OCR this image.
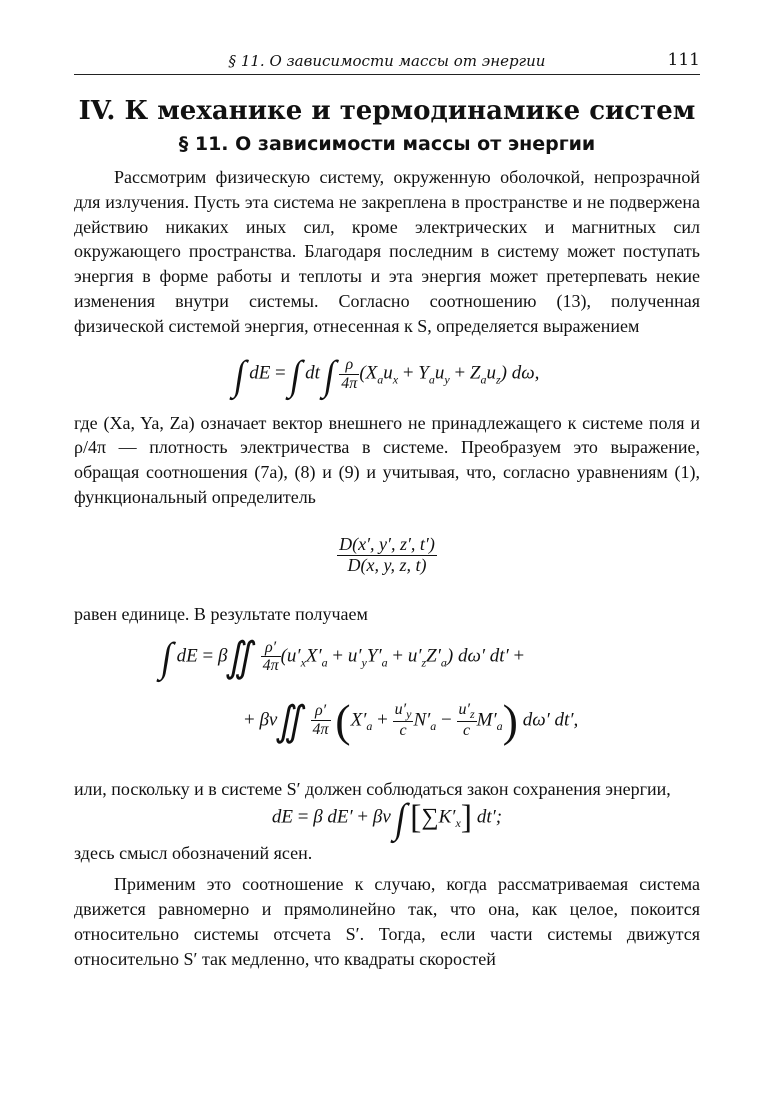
§ 11. О зависимости массы от энергии	111
IV. К механике и термодинамике систем
§ 11. О зависимости массы от энергии

Рассмотрим физическую систему, окруженную оболочкой, непрозрачной для излучения. Пусть эта система не закреплена в пространстве и не подвержена действию никаких иных сил, кроме электрических и магнитных сил окружающего пространства. Благодаря последним в систему может поступать энергия в форме работы и теплоты и эта энергия может претерпевать некие изменения внутри системы. Согласно соотношению (13), полученная физической системой энергия, отнесенная к S, определяется выражением

∫ dE = ∫ dt ∫ $\frac{\rho}{4\pi} (X_au_x + Y_au_y + Z_au_z)$ dω,

где (Xa, Ya, Za) означает вектор внешнего не принадлежащего к системе поля и ρ/4π — плотность электричества в системе. Преобразуем это выражение, обращая соотношения (7a), (8) и (9) и учитывая, что, согласно уравнениям (1), функциональный определитель

$\frac{D(x', y', z', t')}{D(x, y, z, t)}$

равен единице. В результате получаем

∫ dE = β∬ $\frac{\rho'}{4\pi} (u'_xX'_a + u'_yY'_a + u'_zZ'_a)$ dω′ dt′ +
+ βv∬ $\frac{\rho'}{4\pi} (X'_a + \frac{u'_y}{c} N'_a - \frac{u'_z}{c} M'_a)$ dω′ dt′,

или, поскольку и в системе S′ должен соблюдаться закон сохранения энергии,

dE = β dE′ + βv ∫ $[\sum K'_x]$ dt′;

здесь смысл обозначений ясен.

Применим это соотношение к случаю, когда рассматриваемая система движется равномерно и прямолинейно так, что она, как целое, покоится относительно системы отсчета S′. Тогда, если части системы движутся относительно S′ так медленно, что квадраты скоростей
